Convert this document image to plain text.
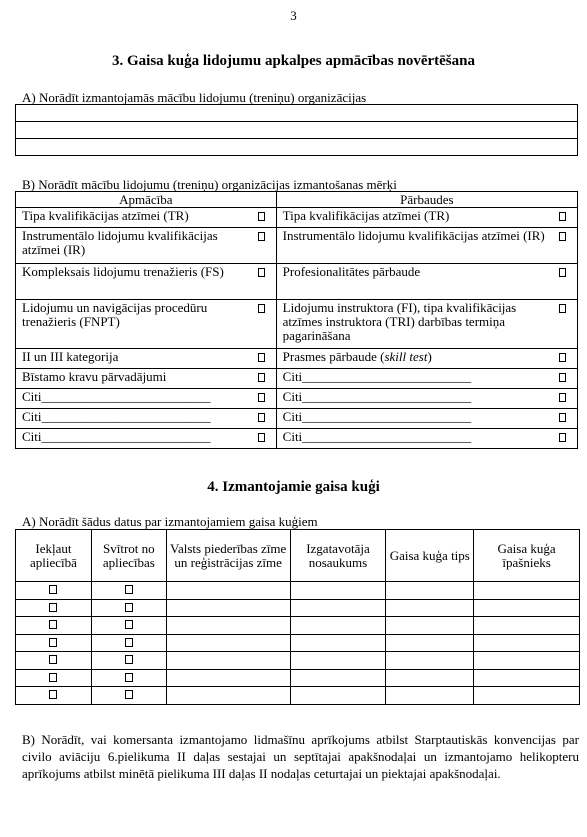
3
3. Gaisa kuģa lidojumu apkalpes apmācības novērtēšana
A) Norādīt izmantojamās mācību lidojumu (treniņu) organizācijas

B) Norādīt mācību lidojumu (treniņu) organizācijas izmantošanas mērķi
Apmācība	Pārbaudes

Tipa kvalifikācijas atzīmei (TR)	Tipa kvalifikācijas atzīmei (TR)

Instrumentālo lidojumu kvalifikācijas atzīmei (IR)	Instrumentālo lidojumu kvalifikācijas atzīmei (IR)

Kompleksais lidojumu trenažieris (FS)	Profesionalitātes pārbaude

Lidojumu un navigācijas procedūru trenažieris (FNPT)	Lidojumu instruktora (FI), tipa kvalifikācijas atzīmes instruktora (TRI) darbības termiņa pagarināšana

II un III kategorija	Prasmes pārbaude (skill test)

Bīstamo kravu pārvadājumi	Citi__________________________

Citi__________________________	Citi__________________________

Citi__________________________	Citi__________________________

Citi__________________________	Citi__________________________
4. Izmantojamie gaisa kuģi
A) Norādīt šādus datus par izmantojamiem gaisa kuģiem
Iekļaut apliecībā	Svītrot no apliecības	Valsts piederības zīme un reģistrācijas zīme	Izgatavotāja nosaukums	Gaisa kuģa tips	Gaisa kuģa īpašnieks

B) Norādīt, vai komersanta izmantojamo lidmašīnu aprīkojums atbilst Starptautiskās konvencijas par civilo aviāciju 6.pielikuma II daļas sestajai un septītajai apakšnodaļai un izmantojamo helikopteru aprīkojums atbilst minētā pielikuma III daļas II nodaļas ceturtajai un piektajai apakšnodaļai.
